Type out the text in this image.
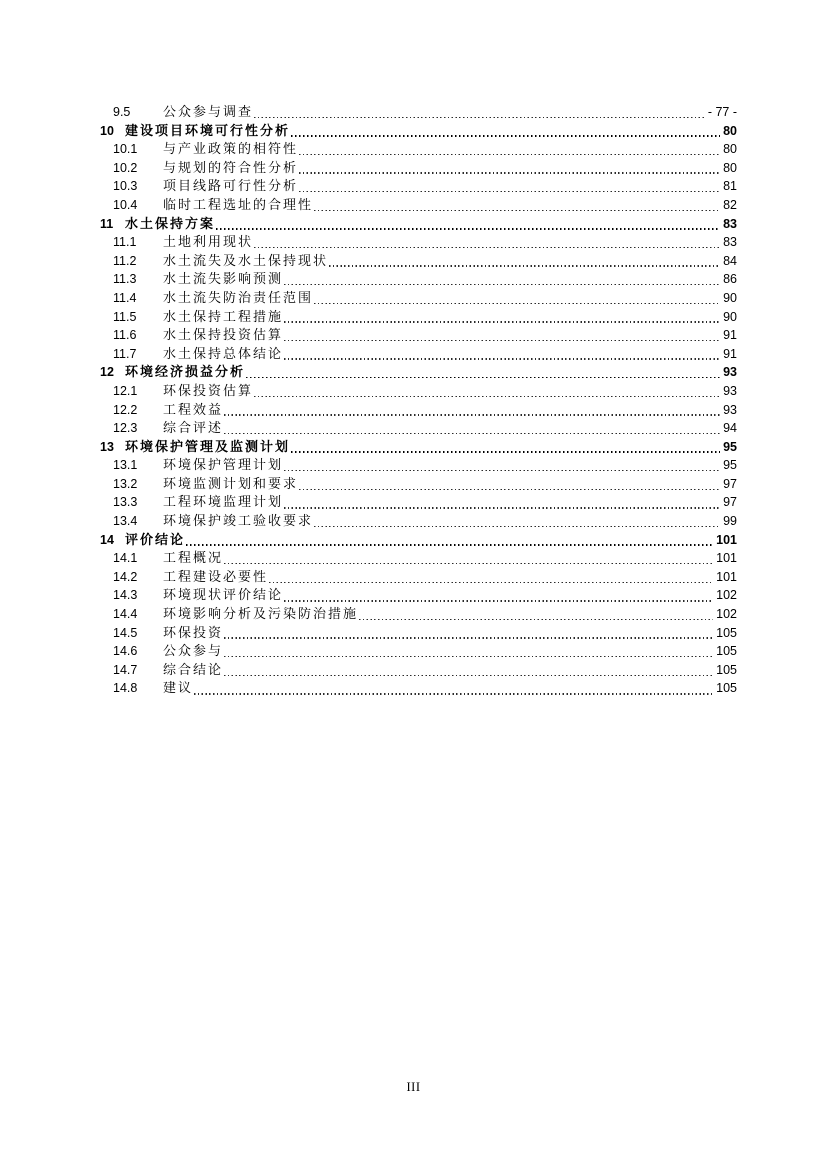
9.5	公众参与调查	- 77 -
10 建设项目环境可行性分析	80
10.1	与产业政策的相符性	80
10.2	与规划的符合性分析	80
10.3	项目线路可行性分析	81
10.4	临时工程选址的合理性	82
11 水土保持方案	83
11.1	土地利用现状	83
11.2	水土流失及水土保持现状	84
11.3	水土流失影响预测	86
11.4	水土流失防治责任范围	90
11.5	水土保持工程措施	90
11.6	水土保持投资估算	91
11.7	水土保持总体结论	91
12 环境经济损益分析	93
12.1	环保投资估算	93
12.2	工程效益	93
12.3	综合评述	94
13 环境保护管理及监测计划	95
13.1	环境保护管理计划	95
13.2	环境监测计划和要求	97
13.3	工程环境监理计划	97
13.4	环境保护竣工验收要求	99
14 评价结论	101
14.1	工程概况	101
14.2	工程建设必要性	101
14.3	环境现状评价结论	102
14.4	环境影响分析及污染防治措施	102
14.5	环保投资	105
14.6	公众参与	105
14.7	综合结论	105
14.8	建议	105
III
